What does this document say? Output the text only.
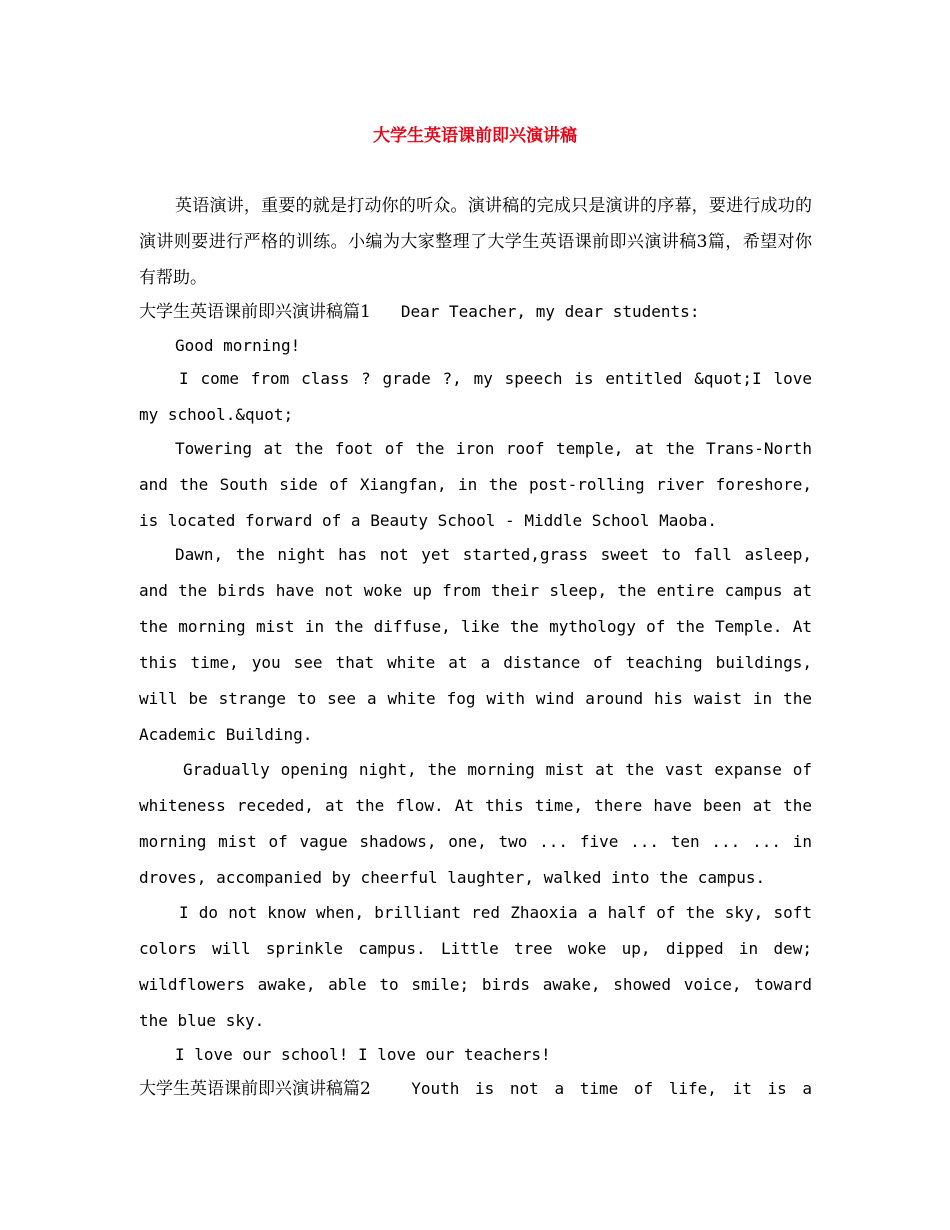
大学生英语课前即兴演讲稿

英语演讲，重要的就是打动你的听众。演讲稿的完成只是演讲的序幕，要进行成功的演讲则要进行严格的训练。小编为大家整理了大学生英语课前即兴演讲稿3篇，希望对你有帮助。

大学生英语课前即兴演讲稿篇1 Dear Teacher, my dear students:
Good morning!

I come from class ? grade ?, my speech is entitled &quot;I love my school.&quot;

Towering at the foot of the iron roof temple, at the Trans-North and the South side of Xiangfan, in the post-rolling river foreshore, is located forward of a Beauty School - Middle School Maoba.

Dawn, the night has not yet started,grass sweet to fall asleep, and the birds have not woke up from their sleep, the entire campus at the morning mist in the diffuse, like the mythology of the Temple. At this time, you see that white at a distance of teaching buildings, will be strange to see a white fog with wind around his waist in the Academic Building.

Gradually opening night, the morning mist at the vast expanse of whiteness receded, at the flow. At this time, there have been at the morning mist of vague shadows, one, two ... five ... ten ... ... in droves, accompanied by cheerful laughter, walked into the campus.

I do not know when, brilliant red Zhaoxia a half of the sky, soft colors will sprinkle campus. Little tree woke up, dipped in dew; wildflowers awake, able to smile; birds awake, showed voice, toward the blue sky.

I love our school! I love our teachers!
大学生英语课前即兴演讲稿篇2	Youth is not a time of life, it is a
